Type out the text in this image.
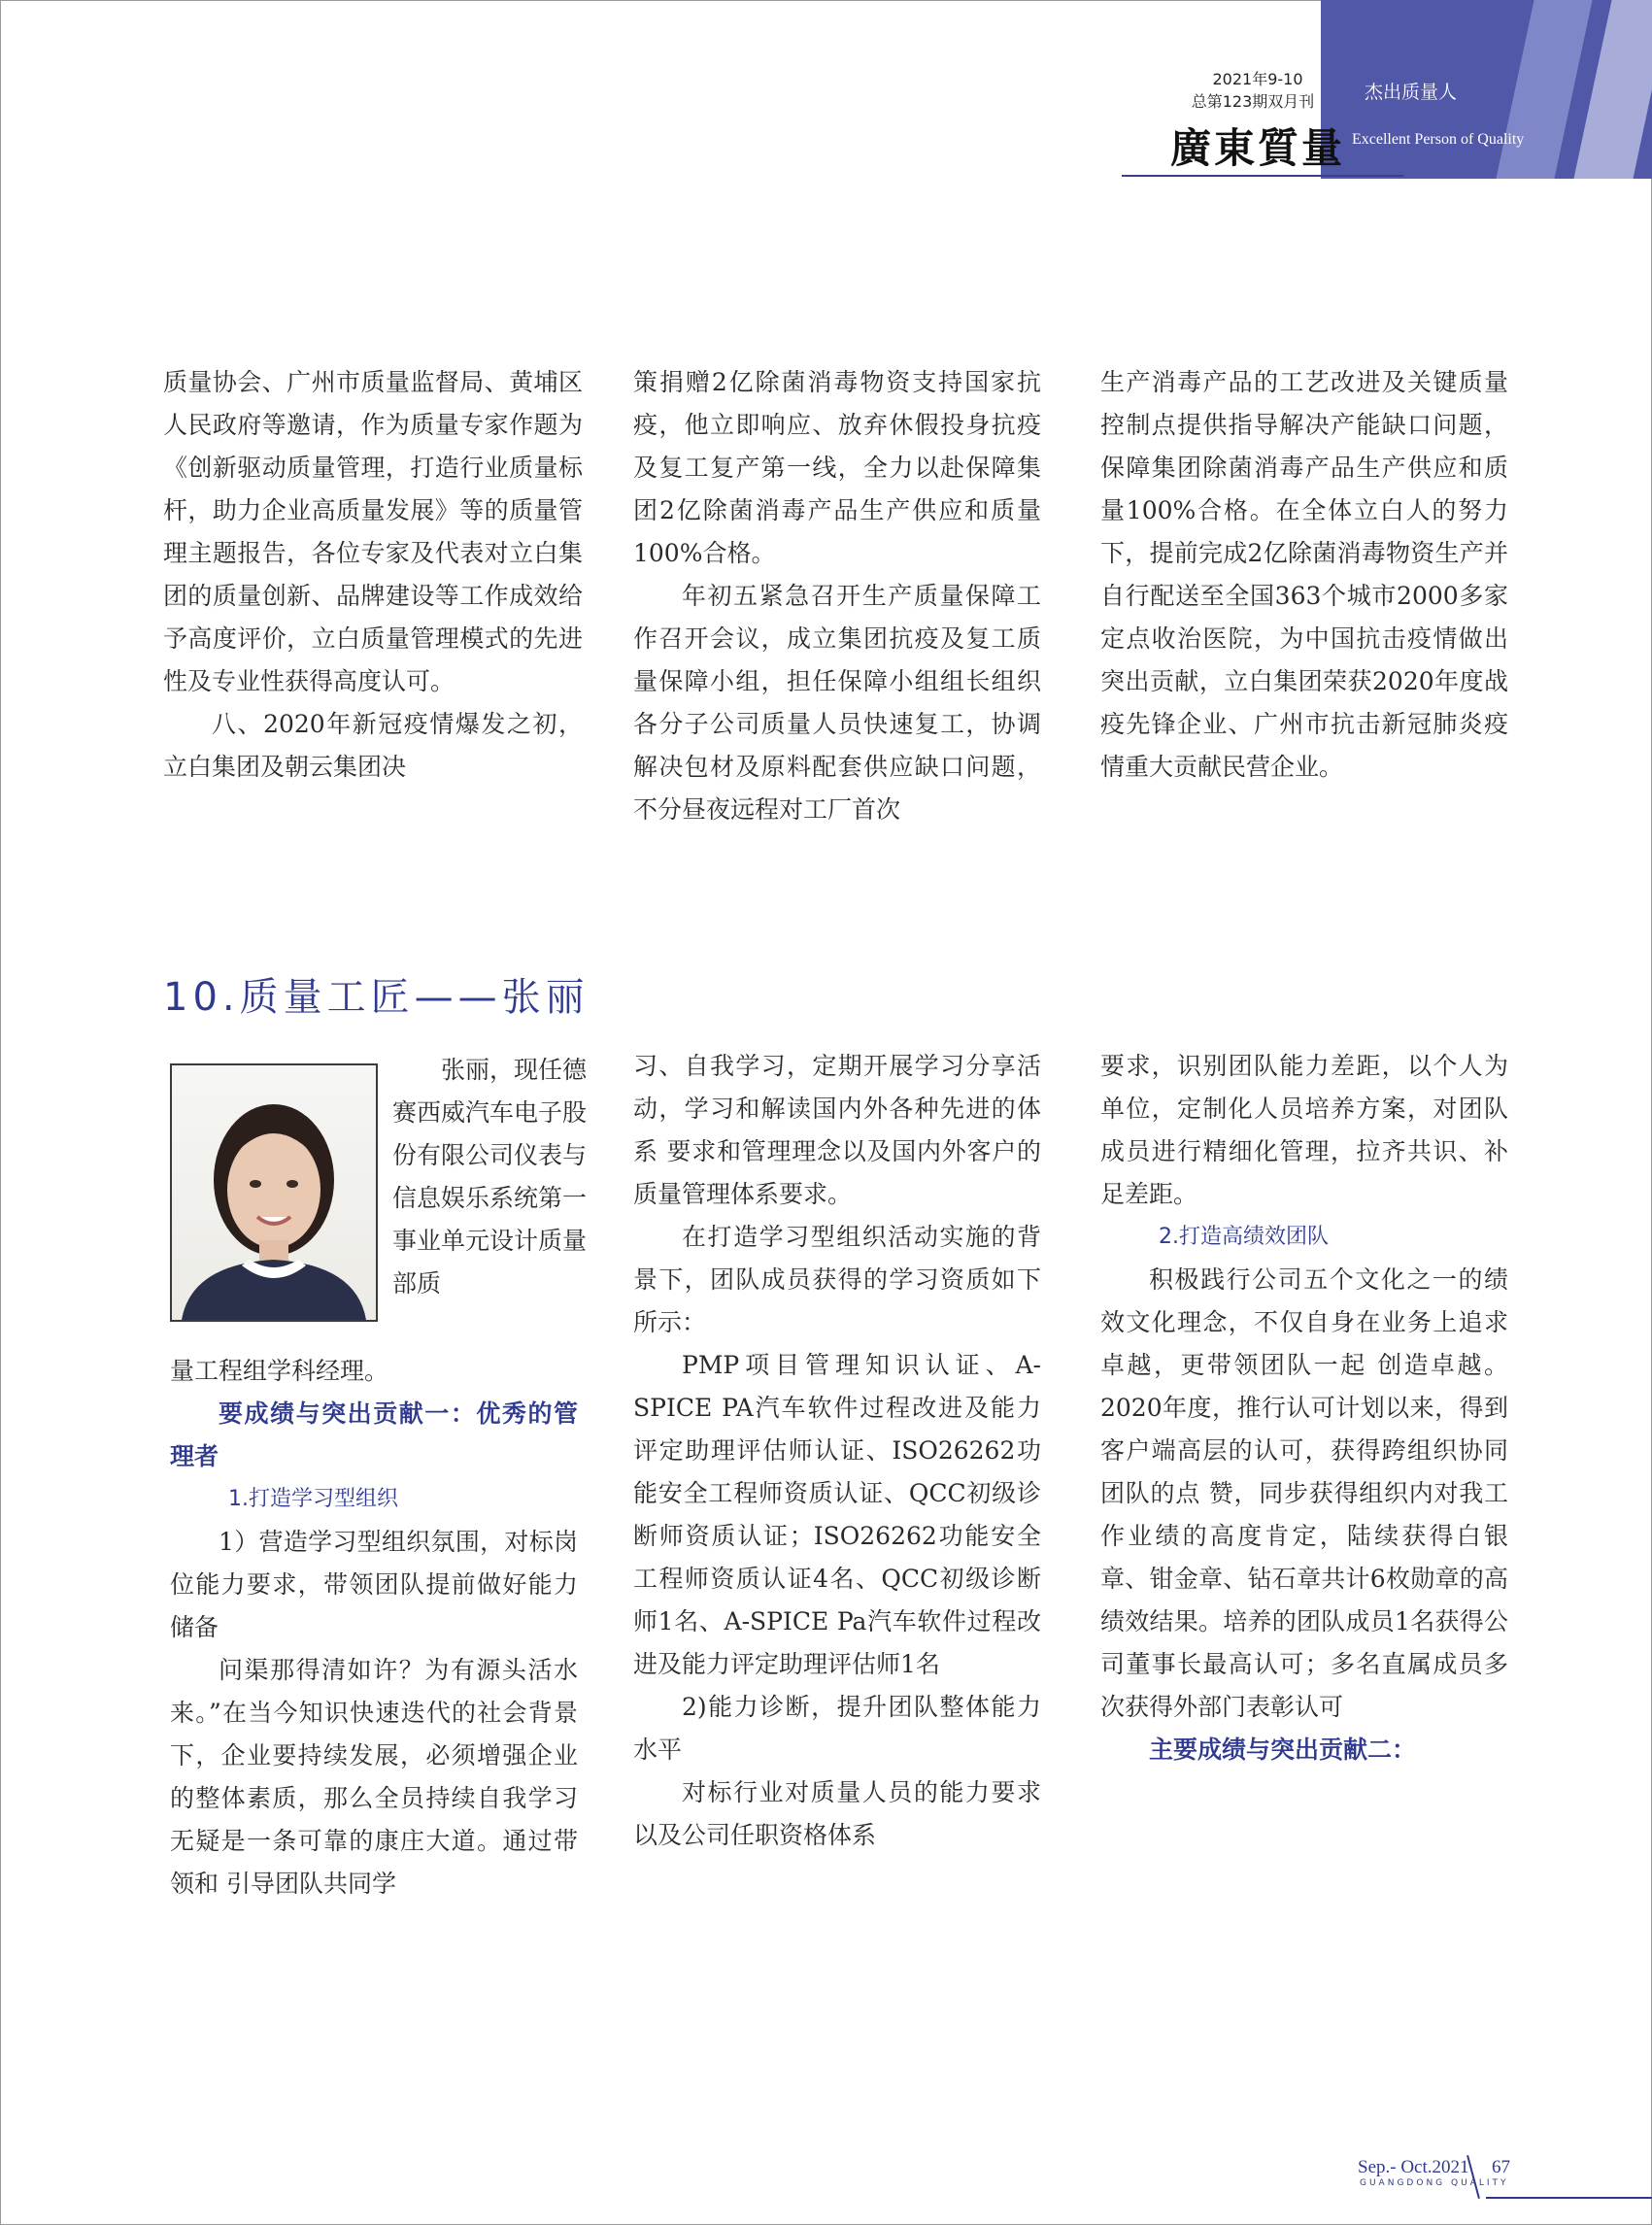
2021年9-10
总第123期双月刊
廣東質量
杰出质量人
Excellent Person of Quality

质量协会、广州市质量监督局、黄埔区人民政府等邀请，作为质量专家作题为《创新驱动质量管理，打造行业质量标杆，助力企业高质量发展》等的质量管理主题报告，各位专家及代表对立白集团的质量创新、品牌建设等工作成效给予高度评价，立白质量管理模式的先进性及专业性获得高度认可。

八、2020年新冠疫情爆发之初，立白集团及朝云集团决

策捐赠2亿除菌消毒物资支持国家抗疫，他立即响应、放弃休假投身抗疫及复工复产第一线，全力以赴保障集团2亿除菌消毒产品生产供应和质量100%合格。

年初五紧急召开生产质量保障工作召开会议，成立集团抗疫及复工质量保障小组，担任保障小组组长组织各分子公司质量人员快速复工，协调解决包材及原料配套供应缺口问题，不分昼夜远程对工厂首次

生产消毒产品的工艺改进及关键质量控制点提供指导解决产能缺口问题，保障集团除菌消毒产品生产供应和质量100%合格。在全体立白人的努力下，提前完成2亿除菌消毒物资生产并自行配送至全国363个城市2000多家定点收治医院，为中国抗击疫情做出突出贡献，立白集团荣获2020年度战疫先锋企业、广州市抗击新冠肺炎疫情重大贡献民营企业。

10.质量工匠——张丽

张丽，现任德赛西威汽车电子股份有限公司仪表与信息娱乐系统第一事业单元设计质量部质

量工程组学科经理。

要成绩与突出贡献一：优秀的管理者

1.打造学习型组织

1）营造学习型组织氛围，对标岗位能力要求，带领团队提前做好能力储备

问渠那得清如许？为有源头活水来。”在当今知识快速迭代的社会背景下，企业要持续发展，必须增强企业的整体素质，那么全员持续自我学习无疑是一条可靠的康庄大道。通过带领和 引导团队共同学

习、自我学习，定期开展学习分享活动，学习和解读国内外各种先进的体系 要求和管理理念以及国内外客户的质量管理体系要求。

在打造学习型组织活动实施的背景下，团队成员获得的学习资质如下所示：

PMP项目管理知识认证、A-SPICE PA汽车软件过程改进及能力评定助理评估师认证、ISO26262功能安全工程师资质认证、QCC初级诊断师资质认证；ISO26262功能安全工程师资质认证4名、QCC初级诊断师1名、A-SPICE Pa汽车软件过程改进及能力评定助理评估师1名

2)能力诊断，提升团队整体能力水平

对标行业对质量人员的能力要求以及公司任职资格体系

要求，识别团队能力差距，以个人为 单位，定制化人员培养方案，对团队成员进行精细化管理，拉齐共识、补足差距。

2.打造高绩效团队

积极践行公司五个文化之一的绩效文化理念，不仅自身在业务上追求卓越，更带领团队一起 创造卓越。2020年度，推行认可计划以来，得到客户端高层的认可，获得跨组织协同团队的点 赞，同步获得组织内对我工作业绩的高度肯定，陆续获得白银章、钳金章、钻石章共计6枚勋章的高绩效结果。培养的团队成员1名获得公司董事长最高认可；多名直属成员多次获得外部门表彰认可

主要成绩与突出贡献二：

Sep.- Oct.2021 67
GUANGDONG QUALITY
